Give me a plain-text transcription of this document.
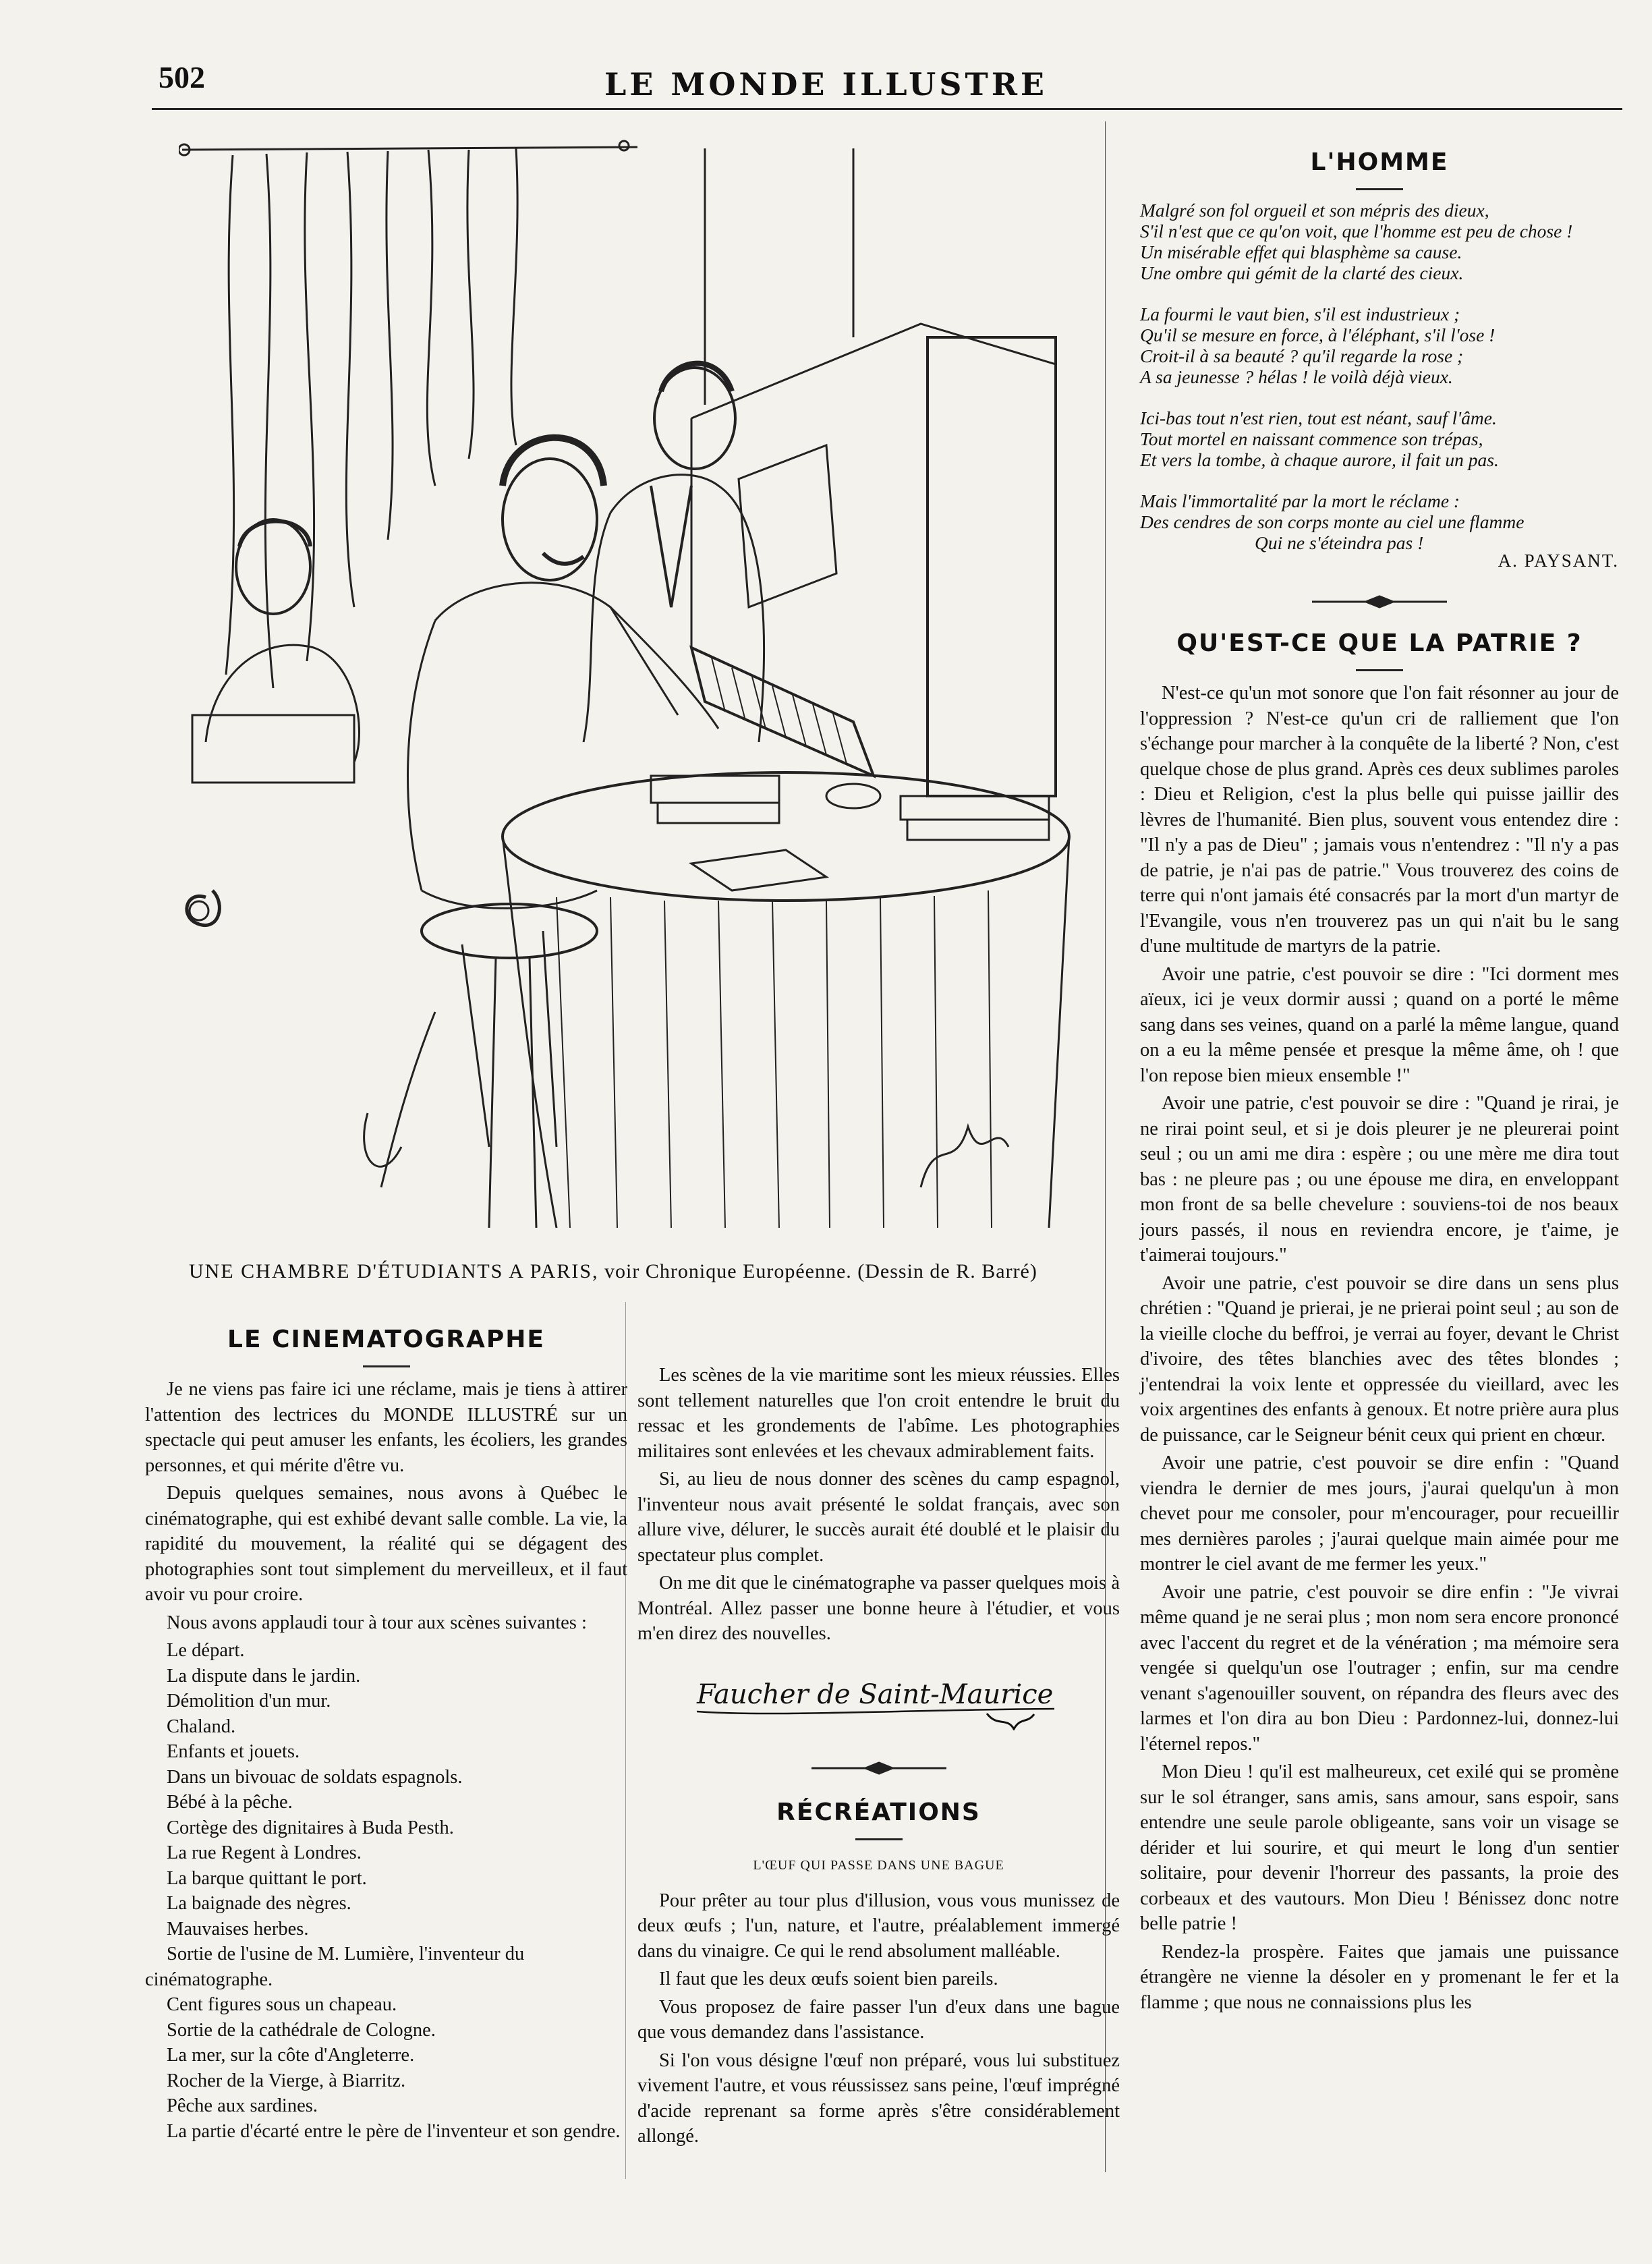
502	LE MONDE ILLUSTRE
UNE CHAMBRE D'ÉTUDIANTS A PARIS, voir Chronique Européenne. (Dessin de R. Barré)
L'HOMME
Malgré son fol orgueil et son mépris des dieux,
S'il n'est que ce qu'on voit, que l'homme est peu de chose !
Un misérable effet qui blasphème sa cause.
Une ombre qui gémit de la clarté des cieux.
La fourmi le vaut bien, s'il est industrieux ;
Qu'il se mesure en force, à l'éléphant, s'il l'ose !
Croit-il à sa beauté ? qu'il regarde la rose ;
A sa jeunesse ? hélas ! le voilà déjà vieux.
Ici-bas tout n'est rien, tout est néant, sauf l'âme.
Tout mortel en naissant commence son trépas,
Et vers la tombe, à chaque aurore, il fait un pas.
Mais l'immortalité par la mort le réclame :
Des cendres de son corps monte au ciel une flamme
Qui ne s'éteindra pas !
A. PAYSANT.
QU'EST-CE QUE LA PATRIE ?

N'est-ce qu'un mot sonore que l'on fait résonner au jour de l'oppression ? N'est-ce qu'un cri de ralliement que l'on s'échange pour marcher à la conquête de la liberté ? Non, c'est quelque chose de plus grand. Après ces deux sublimes paroles : Dieu et Religion, c'est la plus belle qui puisse jaillir des lèvres de l'humanité. Bien plus, souvent vous entendez dire : "Il n'y a pas de Dieu" ; jamais vous n'entendrez : "Il n'y a pas de patrie, je n'ai pas de patrie." Vous trouverez des coins de terre qui n'ont jamais été consacrés par la mort d'un martyr de l'Evangile, vous n'en trouverez pas un qui n'ait bu le sang d'une multitude de martyrs de la patrie.

Avoir une patrie, c'est pouvoir se dire : "Ici dorment mes aïeux, ici je veux dormir aussi ; quand on a porté le même sang dans ses veines, quand on a parlé la même langue, quand on a eu la même pensée et presque la même âme, oh ! que l'on repose bien mieux ensemble !"

Avoir une patrie, c'est pouvoir se dire : "Quand je rirai, je ne rirai point seul, et si je dois pleurer je ne pleurerai point seul ; ou un ami me dira : espère ; ou une mère me dira tout bas : ne pleure pas ; ou une épouse me dira, en enveloppant mon front de sa belle chevelure : souviens-toi de nos beaux jours passés, il nous en reviendra encore, je t'aime, je t'aimerai toujours."

Avoir une patrie, c'est pouvoir se dire dans un sens plus chrétien : "Quand je prierai, je ne prierai point seul ; au son de la vieille cloche du beffroi, je verrai au foyer, devant le Christ d'ivoire, des têtes blanchies avec des têtes blondes ; j'entendrai la voix lente et oppressée du vieillard, avec les voix argentines des enfants à genoux. Et notre prière aura plus de puissance, car le Seigneur bénit ceux qui prient en chœur.

Avoir une patrie, c'est pouvoir se dire enfin : "Quand viendra le dernier de mes jours, j'aurai quelqu'un à mon chevet pour me consoler, pour m'encourager, pour recueillir mes dernières paroles ; j'aurai quelque main aimée pour me montrer le ciel avant de me fermer les yeux."

Avoir une patrie, c'est pouvoir se dire enfin : "Je vivrai même quand je ne serai plus ; mon nom sera encore prononcé avec l'accent du regret et de la vénération ; ma mémoire sera vengée si quelqu'un ose l'outrager ; enfin, sur ma cendre venant s'agenouiller souvent, on répandra des fleurs avec des larmes et l'on dira au bon Dieu : Pardonnez-lui, donnez-lui l'éternel repos."

Mon Dieu ! qu'il est malheureux, cet exilé qui se promène sur le sol étranger, sans amis, sans amour, sans espoir, sans entendre une seule parole obligeante, sans voir un visage se dérider et lui sourire, et qui meurt le long d'un sentier solitaire, pour devenir l'horreur des passants, la proie des corbeaux et des vautours. Mon Dieu ! Bénissez donc notre belle patrie !

Rendez-la prospère. Faites que jamais une puissance étrangère ne vienne la désoler en y promenant le fer et la flamme ; que nous ne connaissions plus les

LE CINEMATOGRAPHE

Je ne viens pas faire ici une réclame, mais je tiens à attirer l'attention des lectrices du MONDE ILLUSTRÉ sur un spectacle qui peut amuser les enfants, les écoliers, les grandes personnes, et qui mérite d'être vu.

Depuis quelques semaines, nous avons à Québec le cinématographe, qui est exhibé devant salle comble. La vie, la rapidité du mouvement, la réalité qui se dégagent des photographies sont tout simplement du merveilleux, et il faut avoir vu pour croire.

Nous avons applaudi tour à tour aux scènes suivantes :

Le départ.
La dispute dans le jardin.
Démolition d'un mur.
Chaland.
Enfants et jouets.
Dans un bivouac de soldats espagnols.
Bébé à la pêche.
Cortège des dignitaires à Buda Pesth.
La rue Regent à Londres.
La barque quittant le port.
La baignade des nègres.
Mauvaises herbes.
Sortie de l'usine de M. Lumière, l'inventeur du cinématographe.
Cent figures sous un chapeau.
Sortie de la cathédrale de Cologne.
La mer, sur la côte d'Angleterre.
Rocher de la Vierge, à Biarritz.
Pêche aux sardines.
La partie d'écarté entre le père de l'inventeur et son gendre.

Les scènes de la vie maritime sont les mieux réussies. Elles sont tellement naturelles que l'on croit entendre le bruit du ressac et les grondements de l'abîme. Les photographies militaires sont enlevées et les chevaux admirablement faits.

Si, au lieu de nous donner des scènes du camp espagnol, l'inventeur nous avait présenté le soldat français, avec son allure vive, délurer, le succès aurait été doublé et le plaisir du spectateur plus complet.

On me dit que le cinématographe va passer quelques mois à Montréal. Allez passer une bonne heure à l'étudier, et vous m'en direz des nouvelles.

Faucher de Saint-Maurice
RÉCRÉATIONS
L'ŒUF QUI PASSE DANS UNE BAGUE

Pour prêter au tour plus d'illusion, vous vous munissez de deux œufs ; l'un, nature, et l'autre, préalablement immergé dans du vinaigre. Ce qui le rend absolument malléable.

Il faut que les deux œufs soient bien pareils.

Vous proposez de faire passer l'un d'eux dans une bague que vous demandez dans l'assistance.

Si l'on vous désigne l'œuf non préparé, vous lui substituez vivement l'autre, et vous réussissez sans peine, l'œuf imprégné d'acide reprenant sa forme après s'être considérablement allongé.
